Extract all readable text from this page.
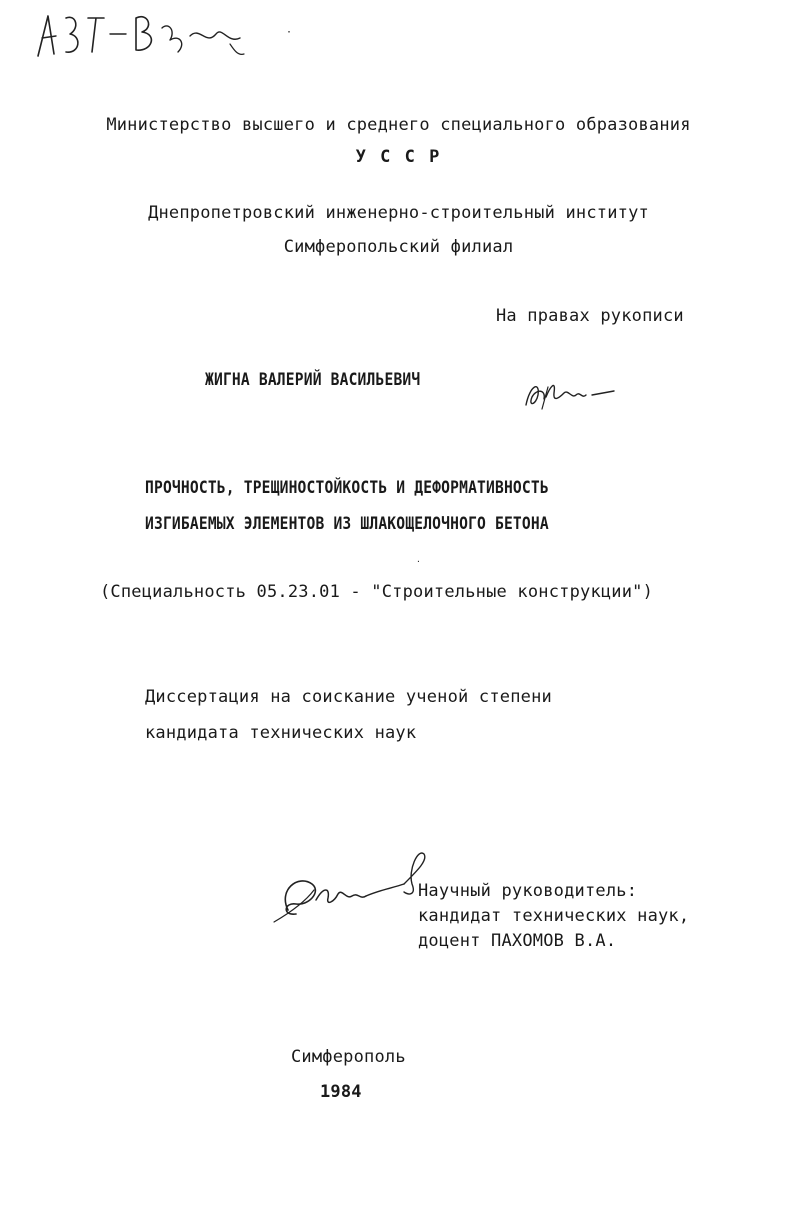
·
Министерство высшего и среднего специального образования
У С С Р
Днепропетровский инженерно-строительный институт
Симферопольский филиал
На правах рукописи
ЖИГНА ВАЛЕРИЙ ВАСИЛЬЕВИЧ
ПРОЧНОСТЬ, ТРЕЩИНОСТОЙКОСТЬ И ДЕФОРМАТИВНОСТЬ
ИЗГИБАЕМЫХ ЭЛЕМЕНТОВ ИЗ ШЛАКОЩЕЛОЧНОГО БЕТОНА
·
(Специальность 05.23.01 - "Строительные конструкции")
Диссертация на соискание ученой степени
кандидата технических наук
Научный руководитель:
кандидат технических наук,
доцент ПАХОМОВ В.А.
Симферополь
1984
